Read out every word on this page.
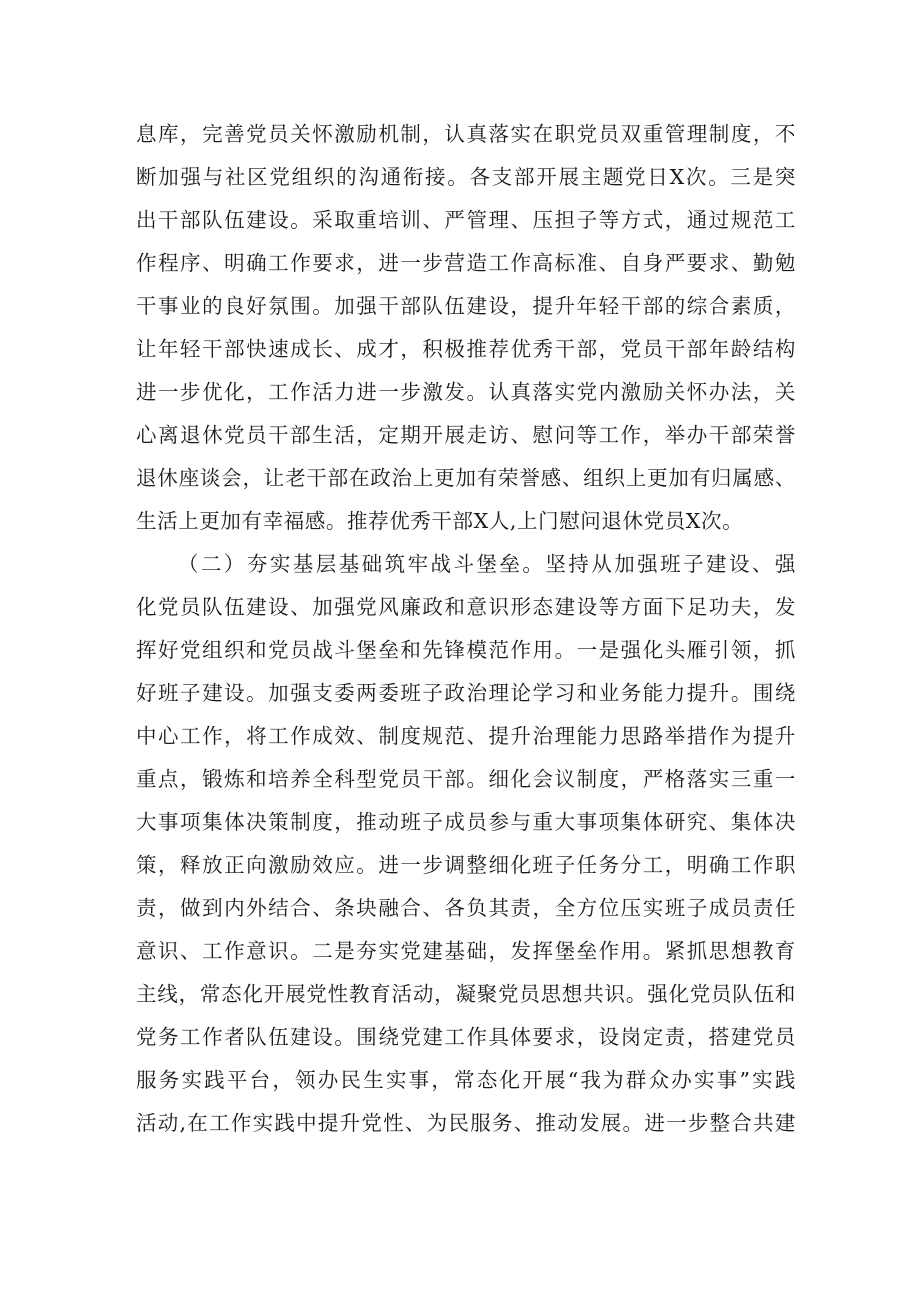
息库，完善党员关怀激励机制，认真落实在职党员双重管理制度，不
断加强与社区党组织的沟通衔接。各支部开展主题党日X次。三是突
出干部队伍建设。采取重培训、严管理、压担子等方式，通过规范工
作程序、明确工作要求，进一步营造工作高标准、自身严要求、勤勉
干事业的良好氛围。加强干部队伍建设，提升年轻干部的综合素质，
让年轻干部快速成长、成才，积极推荐优秀干部，党员干部年龄结构
进一步优化，工作活力进一步激发。认真落实党内激励关怀办法，关
心离退休党员干部生活，定期开展走访、慰问等工作，举办干部荣誉
退休座谈会，让老干部在政治上更加有荣誉感、组织上更加有归属感、
生活上更加有幸福感。推荐优秀干部X人,上门慰问退休党员X次。
（二）夯实基层基础筑牢战斗堡垒。坚持从加强班子建设、强
化党员队伍建设、加强党风廉政和意识形态建设等方面下足功夫，发
挥好党组织和党员战斗堡垒和先锋模范作用。一是强化头雁引领，抓
好班子建设。加强支委两委班子政治理论学习和业务能力提升。围绕
中心工作，将工作成效、制度规范、提升治理能力思路举措作为提升
重点，锻炼和培养全科型党员干部。细化会议制度，严格落实三重一
大事项集体决策制度，推动班子成员参与重大事项集体研究、集体决
策，释放正向激励效应。进一步调整细化班子任务分工，明确工作职
责，做到内外结合、条块融合、各负其责，全方位压实班子成员责任
意识、工作意识。二是夯实党建基础，发挥堡垒作用。紧抓思想教育
主线，常态化开展党性教育活动，凝聚党员思想共识。强化党员队伍和
党务工作者队伍建设。围绕党建工作具体要求，设岗定责，搭建党员
服务实践平台，领办民生实事，常态化开展“我为群众办实事”实践
活动,在工作实践中提升党性、为民服务、推动发展。进一步整合共建
